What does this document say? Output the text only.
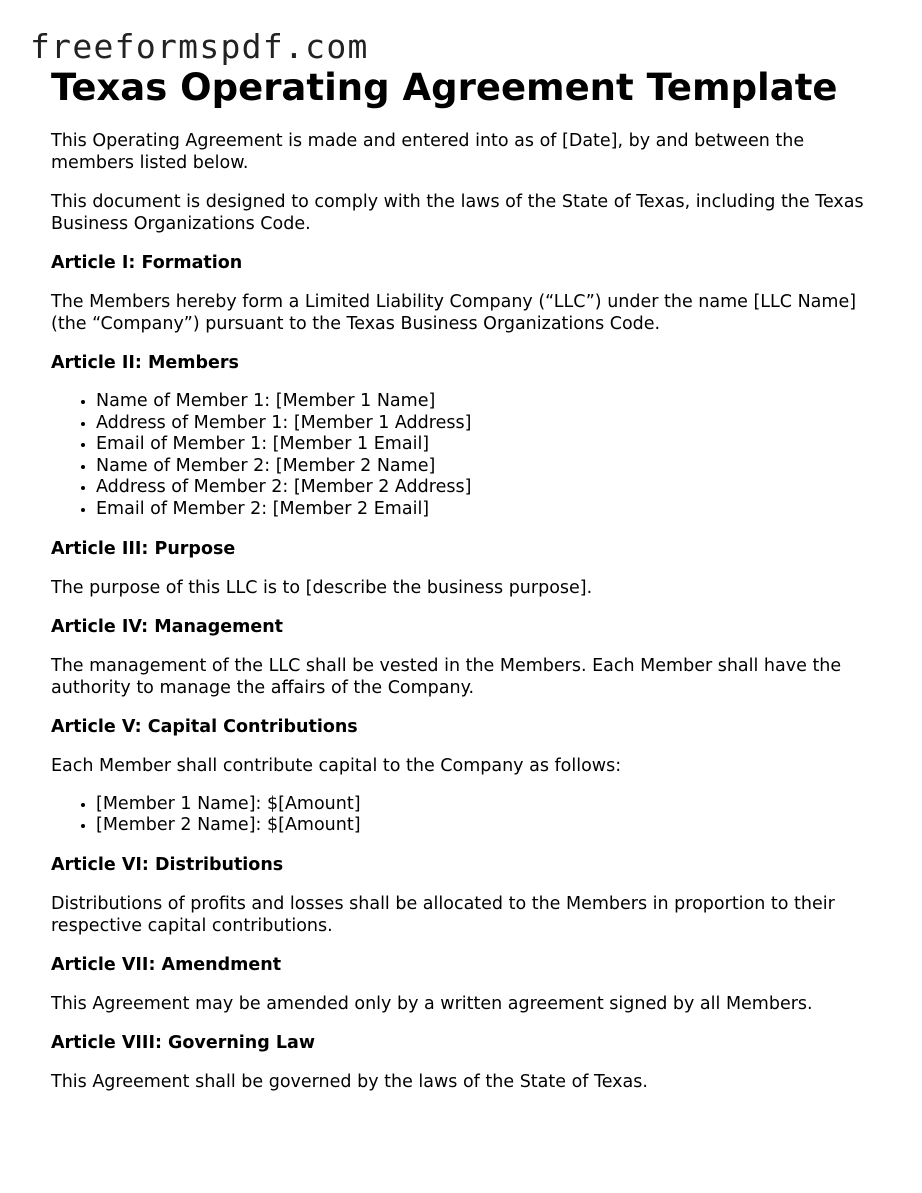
freeformspdf.com
Texas Operating Agreement Template

This Operating Agreement is made and entered into as of [Date], by and between the members listed below.

This document is designed to comply with the laws of the State of Texas, including the Texas Business Organizations Code.

Article I: Formation

The Members hereby form a Limited Liability Company (“LLC”) under the name [LLC Name] (the “Company”) pursuant to the Texas Business Organizations Code.

Article II: Members
• Name of Member 1: [Member 1 Name]
• Address of Member 1: [Member 1 Address]
• Email of Member 1: [Member 1 Email]
• Name of Member 2: [Member 2 Name]
• Address of Member 2: [Member 2 Address]
• Email of Member 2: [Member 2 Email]
Article III: Purpose

The purpose of this LLC is to [describe the business purpose].

Article IV: Management

The management of the LLC shall be vested in the Members. Each Member shall have the authority to manage the affairs of the Company.

Article V: Capital Contributions

Each Member shall contribute capital to the Company as follows:

• [Member 1 Name]: $[Amount]
• [Member 2 Name]: $[Amount]
Article VI: Distributions

Distributions of profits and losses shall be allocated to the Members in proportion to their respective capital contributions.

Article VII: Amendment

This Agreement may be amended only by a written agreement signed by all Members.

Article VIII: Governing Law

This Agreement shall be governed by the laws of the State of Texas.
